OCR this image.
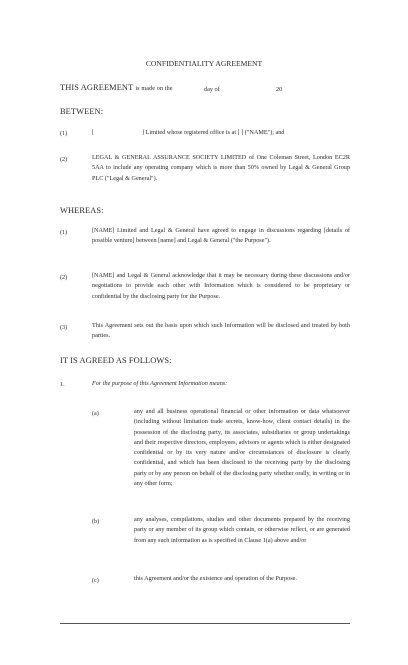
CONFIDENTIALITY AGREEMENT
THIS AGREEMENT is made on the	day of	20
BETWEEN:
(1)	[	] Limited whose registered office is at [ ] ("NAME"); and
(2)	LEGAL & GENERAL ASSURANCE SOCIETY LIMITED of One Coleman Street, London EC2R 5AA to include any operating company which is more than 50% owned by Legal & General Group PLC ("Legal & General").
WHEREAS:
(1)	[NAME] Limited and Legal & General have agreed to engage in discussions regarding [details of possible venture] between [name] and Legal & General ("the Purpose").
(2)	[NAME] and Legal & General acknowledge that it may be necessary during these discussions and/or negotiations to provide each other with Information which is considered to be proprietary or confidential by the disclosing party for the Purpose.
(3)	This Agreement sets out the basis upon which such Information will be disclosed and treated by both parties.
IT IS AGREED AS FOLLOWS:
1.	For the purpose of this Agreement Information means:
(a)	any and all business operational financial or other information or data whatsoever (including without limitation trade secrets, know-how, client contact details) in the possession of the disclosing party, its associates, subsidiaries or group undertakings and their respective directors, employees, advisors or agents which is either designated confidential or by its very nature and/or circumstances of disclosure is clearly confidential, and which has been disclosed to the receiving party by the disclosing party or by any person on behalf of the disclosing party whether orally, in writing or in any other form;
(b)	any analyses, compilations, studies and other documents prepared by the receiving party or any member of its group which contain, or otherwise reflect, or are generated from any such information as is specified in Clause 1(a) above and/or
(c)	this Agreement and/or the existence and operation of the Purpose.
